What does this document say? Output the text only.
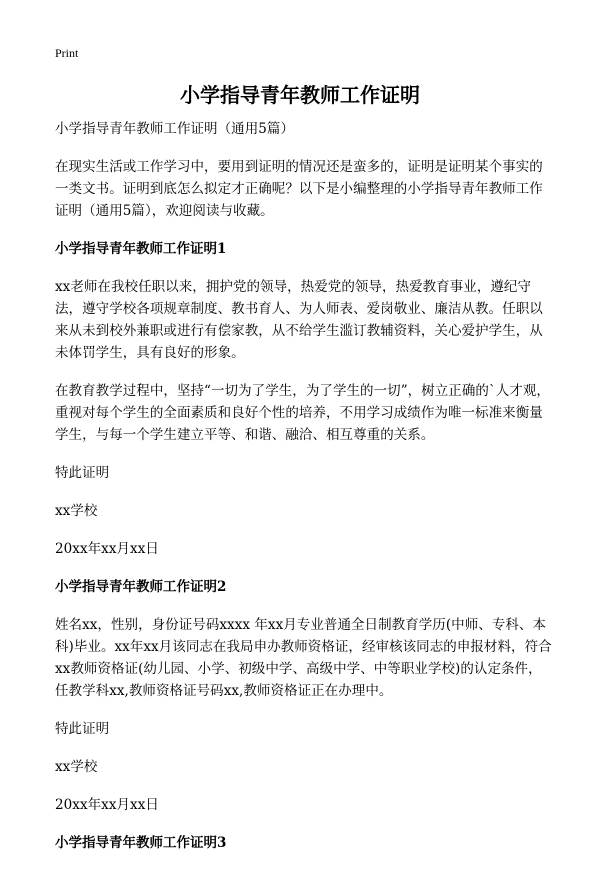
Print
小学指导青年教师工作证明

小学指导青年教师工作证明（通用5篇）

在现实生活或工作学习中，要用到证明的情况还是蛮多的，证明是证明某个事实的一类文书。证明到底怎么拟定才正确呢？以下是小编整理的小学指导青年教师工作证明（通用5篇），欢迎阅读与收藏。

小学指导青年教师工作证明1

xx老师在我校任职以来，拥护党的领导，热爱党的领导，热爱教育事业，遵纪守法，遵守学校各项规章制度、教书育人、为人师表、爱岗敬业、廉洁从教。任职以来从未到校外兼职或进行有偿家教，从不给学生滥订教辅资料，关心爱护学生，从未体罚学生，具有良好的形象。

在教育教学过程中，坚持“一切为了学生，为了学生的一切”，树立正确的`人才观，重视对每个学生的全面素质和良好个性的培养，不用学习成绩作为唯一标准来衡量学生，与每一个学生建立平等、和谐、融洽、相互尊重的关系。

特此证明

xx学校

20xx年xx月xx日

小学指导青年教师工作证明2

姓名xx，性别，身份证号码xxxx 年xx月专业普通全日制教育学历(中师、专科、本科)毕业。xx年xx月该同志在我局申办教师资格证，经审核该同志的申报材料，符合xx教师资格证(幼儿园、小学、初级中学、高级中学、中等职业学校)的认定条件，任教学科xx,教师资格证号码xx,教师资格证正在办理中。

特此证明

xx学校

20xx年xx月xx日

小学指导青年教师工作证明3
